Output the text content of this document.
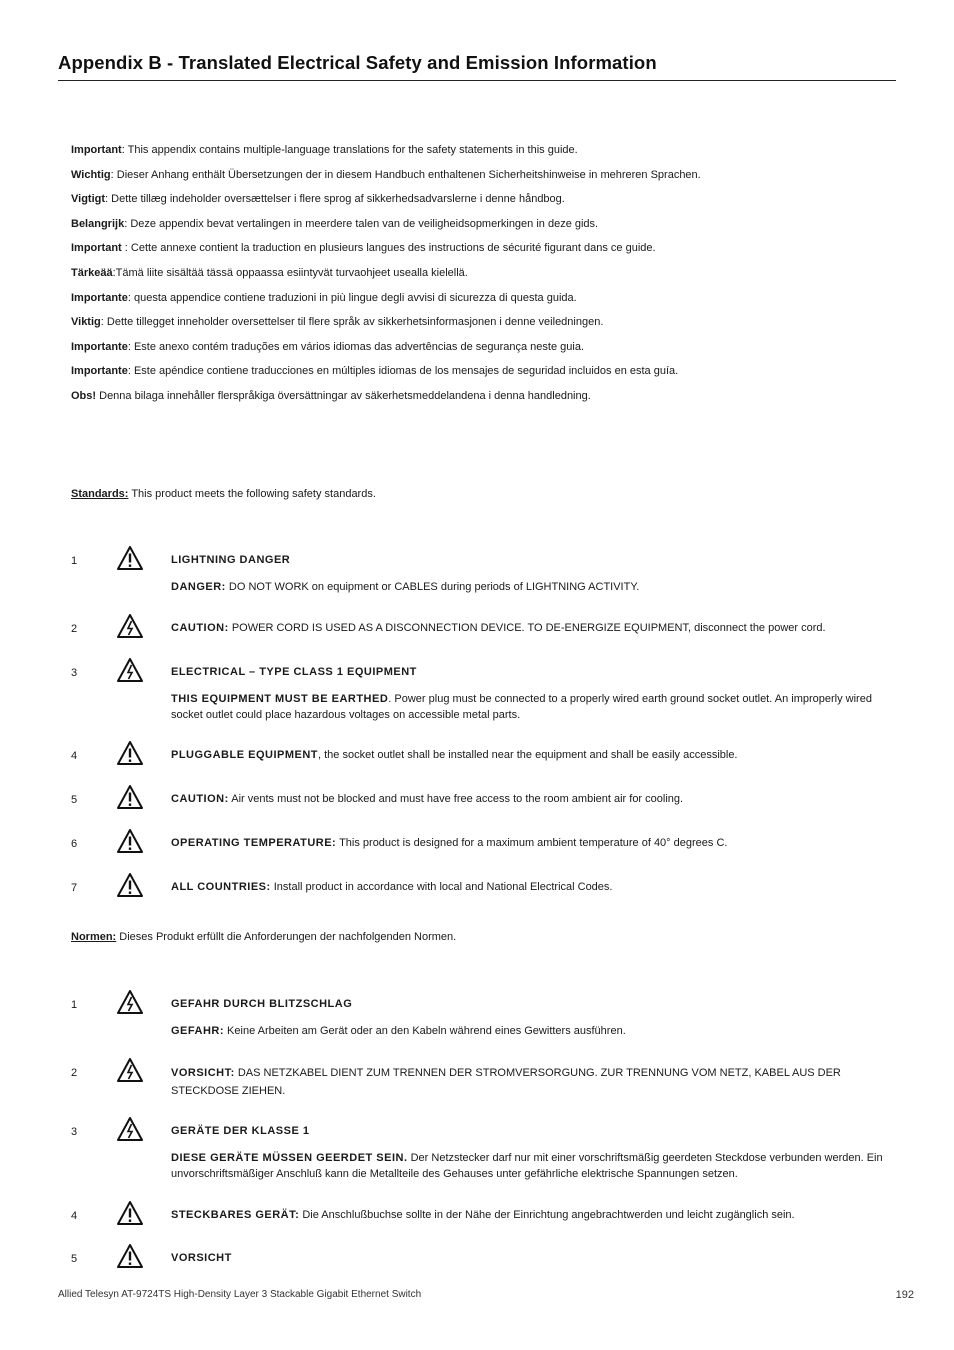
Appendix B - Translated Electrical Safety and Emission Information
Important: This appendix contains multiple-language translations for the safety statements in this guide.
Wichtig: Dieser Anhang enthält Übersetzungen der in diesem Handbuch enthaltenen Sicherheitshinweise in mehreren Sprachen.
Vigtigt: Dette tillæg indeholder oversættelser i flere sprog af sikkerhedsadvarslerne i denne håndbog.
Belangrijk: Deze appendix bevat vertalingen in meerdere talen van de veiligheidsopmerkingen in deze gids.
Important : Cette annexe contient la traduction en plusieurs langues des instructions de sécurité figurant dans ce guide.
Tärkeää:Tämä liite sisältää tässä oppaassa esiintyvät turvaohjeet usealla kielellä.
Importante: questa appendice contiene traduzioni in più lingue degli avvisi di sicurezza di questa guida.
Viktig: Dette tillegget inneholder oversettelser til flere språk av sikkerhetsinformasjonen i denne veiledningen.
Importante: Este anexo contém traduções em vários idiomas das advertências de segurança neste guia.
Importante: Este apéndice contiene traducciones en múltiples idiomas de los mensajes de seguridad incluidos en esta guía.
Obs! Denna bilaga innehåller flerspråkiga översättningar av säkerhetsmeddelandena i denna handledning.
Standards: This product meets the following safety standards.
1	LIGHTNING DANGER

DANGER: DO NOT WORK on equipment or CABLES during periods of LIGHTNING ACTIVITY.

2	CAUTION: POWER CORD IS USED AS A DISCONNECTION DEVICE. TO DE-ENERGIZE EQUIPMENT, disconnect the power cord.

3	ELECTRICAL – TYPE CLASS 1 EQUIPMENT

THIS EQUIPMENT MUST BE EARTHED. Power plug must be connected to a properly wired earth ground socket outlet. An improperly wired socket outlet could place hazardous voltages on accessible metal parts.

4	PLUGGABLE EQUIPMENT, the socket outlet shall be installed near the equipment and shall be easily accessible.

5	CAUTION: Air vents must not be blocked and must have free access to the room ambient air for cooling.

6	OPERATING TEMPERATURE: This product is designed for a maximum ambient temperature of 40° degrees C.

7	ALL COUNTRIES: Install product in accordance with local and National Electrical Codes.

Normen: Dieses Produkt erfüllt die Anforderungen der nachfolgenden Normen.
1	GEFAHR DURCH BLITZSCHLAG

GEFAHR: Keine Arbeiten am Gerät oder an den Kabeln während eines Gewitters ausführen.

2	VORSICHT: DAS NETZKABEL DIENT ZUM TRENNEN DER STROMVERSORGUNG. ZUR TRENNUNG VOM NETZ, KABEL AUS DER STECKDOSE ZIEHEN.

3	GERÄTE DER KLASSE 1

DIESE GERÄTE MÜSSEN GEERDET SEIN. Der Netzstecker darf nur mit einer vorschriftsmäßig geerdeten Steckdose verbunden werden. Ein unvorschriftsmäßiger Anschluß kann die Metallteile des Gehauses unter gefährliche elektrische Spannungen setzen.

4	STECKBARES GERÄT: Die Anschlußbuchse sollte in der Nähe der Einrichtung angebrachtwerden und leicht zugänglich sein.

5	VORSICHT

Allied Telesyn AT-9724TS High-Density Layer 3 Stackable Gigabit Ethernet Switch	192
